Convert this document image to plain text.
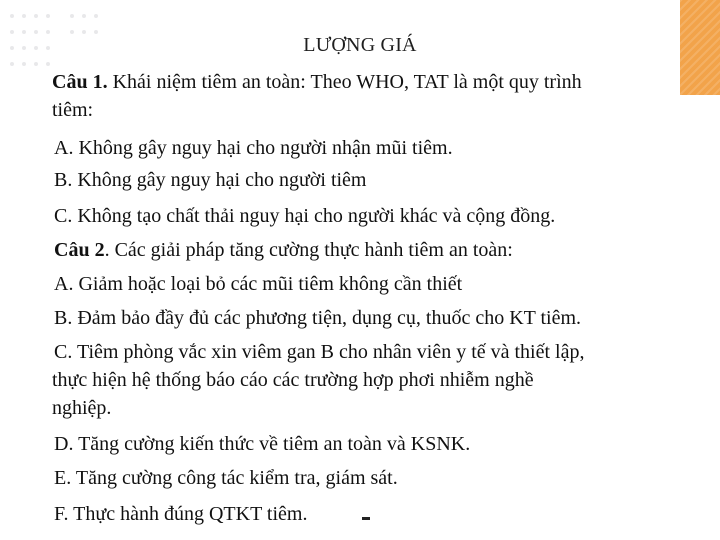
LƯỢNG GIÁ
Câu 1. Khái niệm tiêm an toàn: Theo WHO, TAT là một quy trình
tiêm:
A. Không gây nguy hại cho người nhận mũi tiêm.
B. Không gây nguy hại cho người tiêm
C. Không tạo chất thải nguy hại cho người khác và cộng đồng.
Câu 2. Các giải pháp tăng cường thực hành tiêm an toàn:
A. Giảm hoặc loại bỏ các mũi tiêm không cần thiết
B. Đảm bảo đầy đủ các phương tiện, dụng cụ, thuốc cho KT tiêm.
C. Tiêm phòng vắc xin viêm gan B cho nhân viên y tế và thiết lập,
thực hiện hệ thống báo cáo các trường hợp phơi nhiễm nghề
nghiệp.
D. Tăng cường kiến thức về tiêm an toàn và KSNK.
E. Tăng cường công tác kiểm tra, giám sát.
F. Thực hành đúng QTKT tiêm.
